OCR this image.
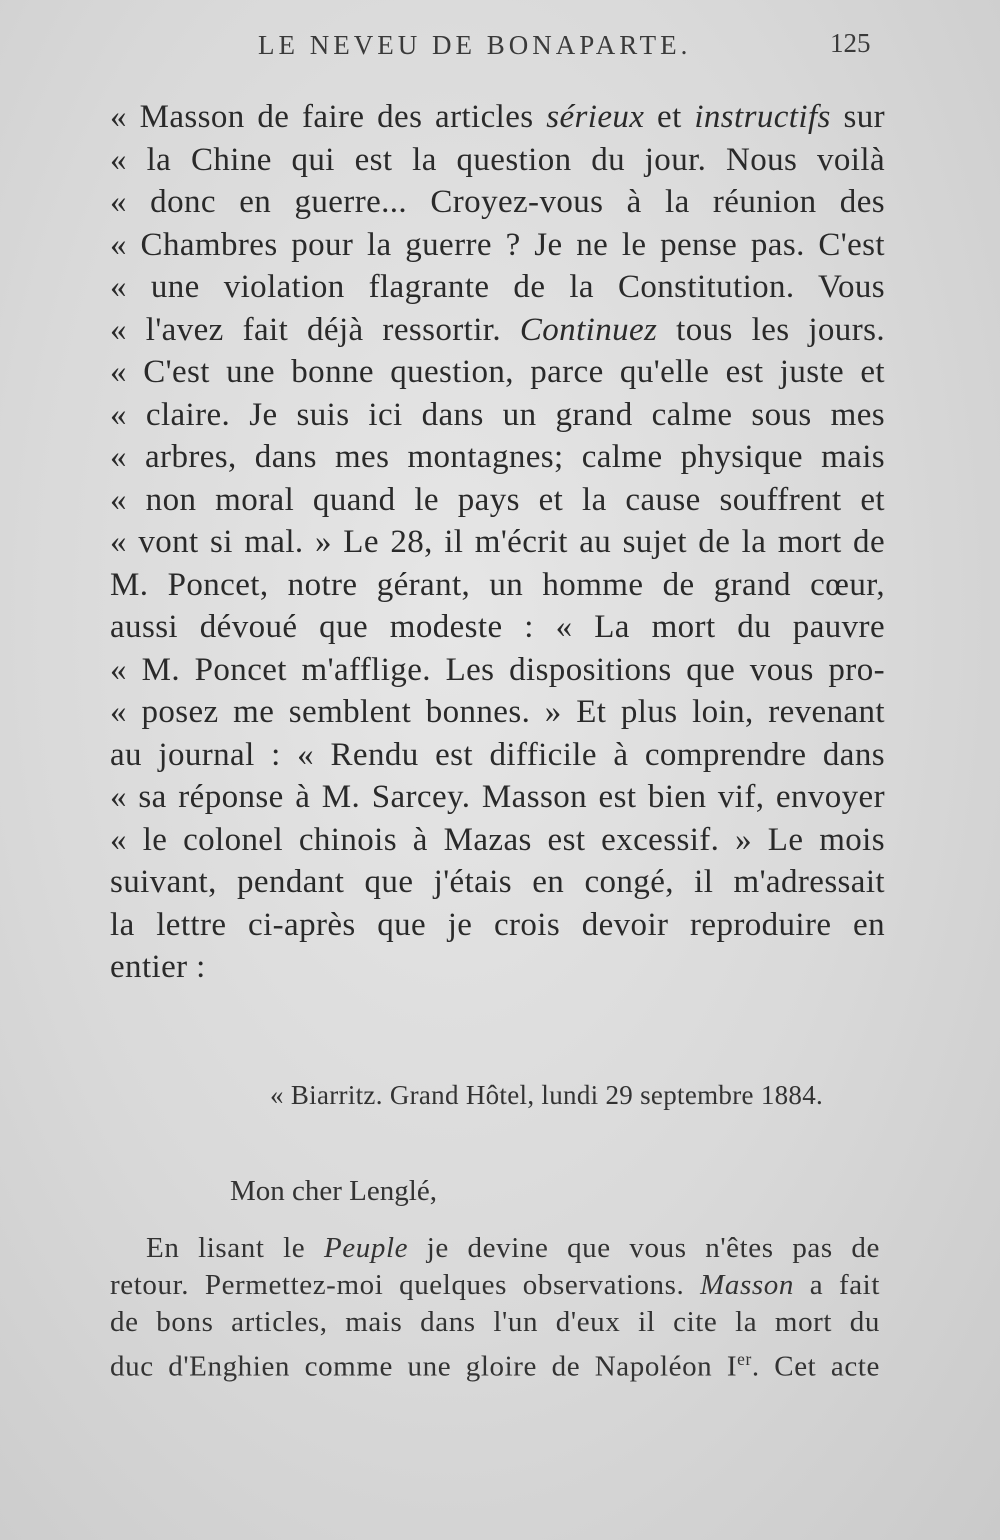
LE NEVEU DE BONAPARTE.	125
« Masson de faire des articles sérieux et instructifs sur
« la Chine qui est la question du jour. Nous voilà
« donc en guerre... Croyez-vous à la réunion des
« Chambres pour la guerre ? Je ne le pense pas. C'est
« une violation flagrante de la Constitution. Vous
« l'avez fait déjà ressortir. Continuez tous les jours.
« C'est une bonne question, parce qu'elle est juste et
« claire. Je suis ici dans un grand calme sous mes
« arbres, dans mes montagnes; calme physique mais
« non moral quand le pays et la cause souffrent et
« vont si mal. » Le 28, il m'écrit au sujet de la mort de
M. Poncet, notre gérant, un homme de grand cœur,
aussi dévoué que modeste : « La mort du pauvre
« M. Poncet m'afflige. Les dispositions que vous pro-
« posez me semblent bonnes. » Et plus loin, revenant
au journal : « Rendu est difficile à comprendre dans
« sa réponse à M. Sarcey. Masson est bien vif, envoyer
« le colonel chinois à Mazas est excessif. » Le mois
suivant, pendant que j'étais en congé, il m'adressait
la lettre ci-après que je crois devoir reproduire en
entier :
« Biarritz. Grand Hôtel, lundi 29 septembre 1884.
Mon cher Lenglé,
En lisant le Peuple je devine que vous n'êtes pas de
retour. Permettez-moi quelques observations. Masson a fait
de bons articles, mais dans l'un d'eux il cite la mort du
duc d'Enghien comme une gloire de Napoléon Ier. Cet acte
